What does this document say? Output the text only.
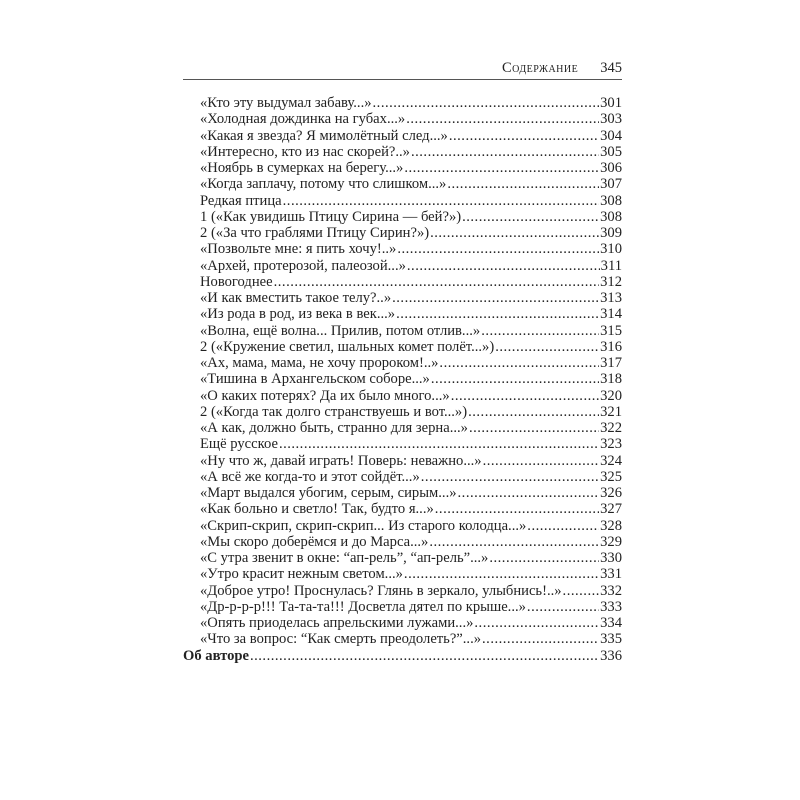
Содержание 345
«Кто эту выдумал забаву...» .....	301
«Холодная дождинка на губах...» .....	303
«Какая я звезда? Я мимолётный след...» .....	304
«Интересно, кто из нас скорей?..» .....	305
«Ноябрь в сумерках на берегу...» .....	306
«Когда заплачу, потому что слишком...» .....	307
Редкая птица .....	308
1 («Как увидишь Птицу Сирина — бей?») .....	308
2 («За что граблями Птицу Сирин?») .....	309
«Позвольте мне: я пить хочу!..» .....	310
«Архей, протерозой, палеозой...» .....	311
Новогоднее .....	312
«И как вместить такое телу?..» .....	313
«Из рода в род, из века в век...» .....	314
«Волна, ещё волна... Прилив, потом отлив...» .....	315
2 («Кружение светил, шальных комет полёт...») .....	316
«Ах, мама, мама, не хочу пророком!..» .....	317
«Тишина в Архангельском соборе...» .....	318
«О каких потерях? Да их было много...» .....	320
2 («Когда так долго странствуешь и вот...») .....	321
«А как, должно быть, странно для зерна...» .....	322
Ещё русское .....	323
«Ну что ж, давай играть! Поверь: неважно...» .....	324
«А всё же когда-то и этот сойдёт...» .....	325
«Март выдался убогим, серым, сирым...» .....	326
«Как больно и светло! Так, будто я...» .....	327
«Скрип-скрип, скрип-скрип... Из старого колодца...» .....	328
«Мы скоро доберёмся и до Марса...» .....	329
«С утра звенит в окне: “ап-рель”, “ап-рель”...» .....	330
«Утро красит нежным светом...» .....	331
«Доброе утро! Проснулась? Глянь в зеркало, улыбнись!..» .....	332
«Др-р-р-р!!! Та-та-та!!! Досветла дятел по крыше...» .....	333
«Опять приоделась апрельскими лужами...» .....	334
«Что за вопрос: “Как смерть преодолеть?”...» .....	335
Об авторе .....	336
